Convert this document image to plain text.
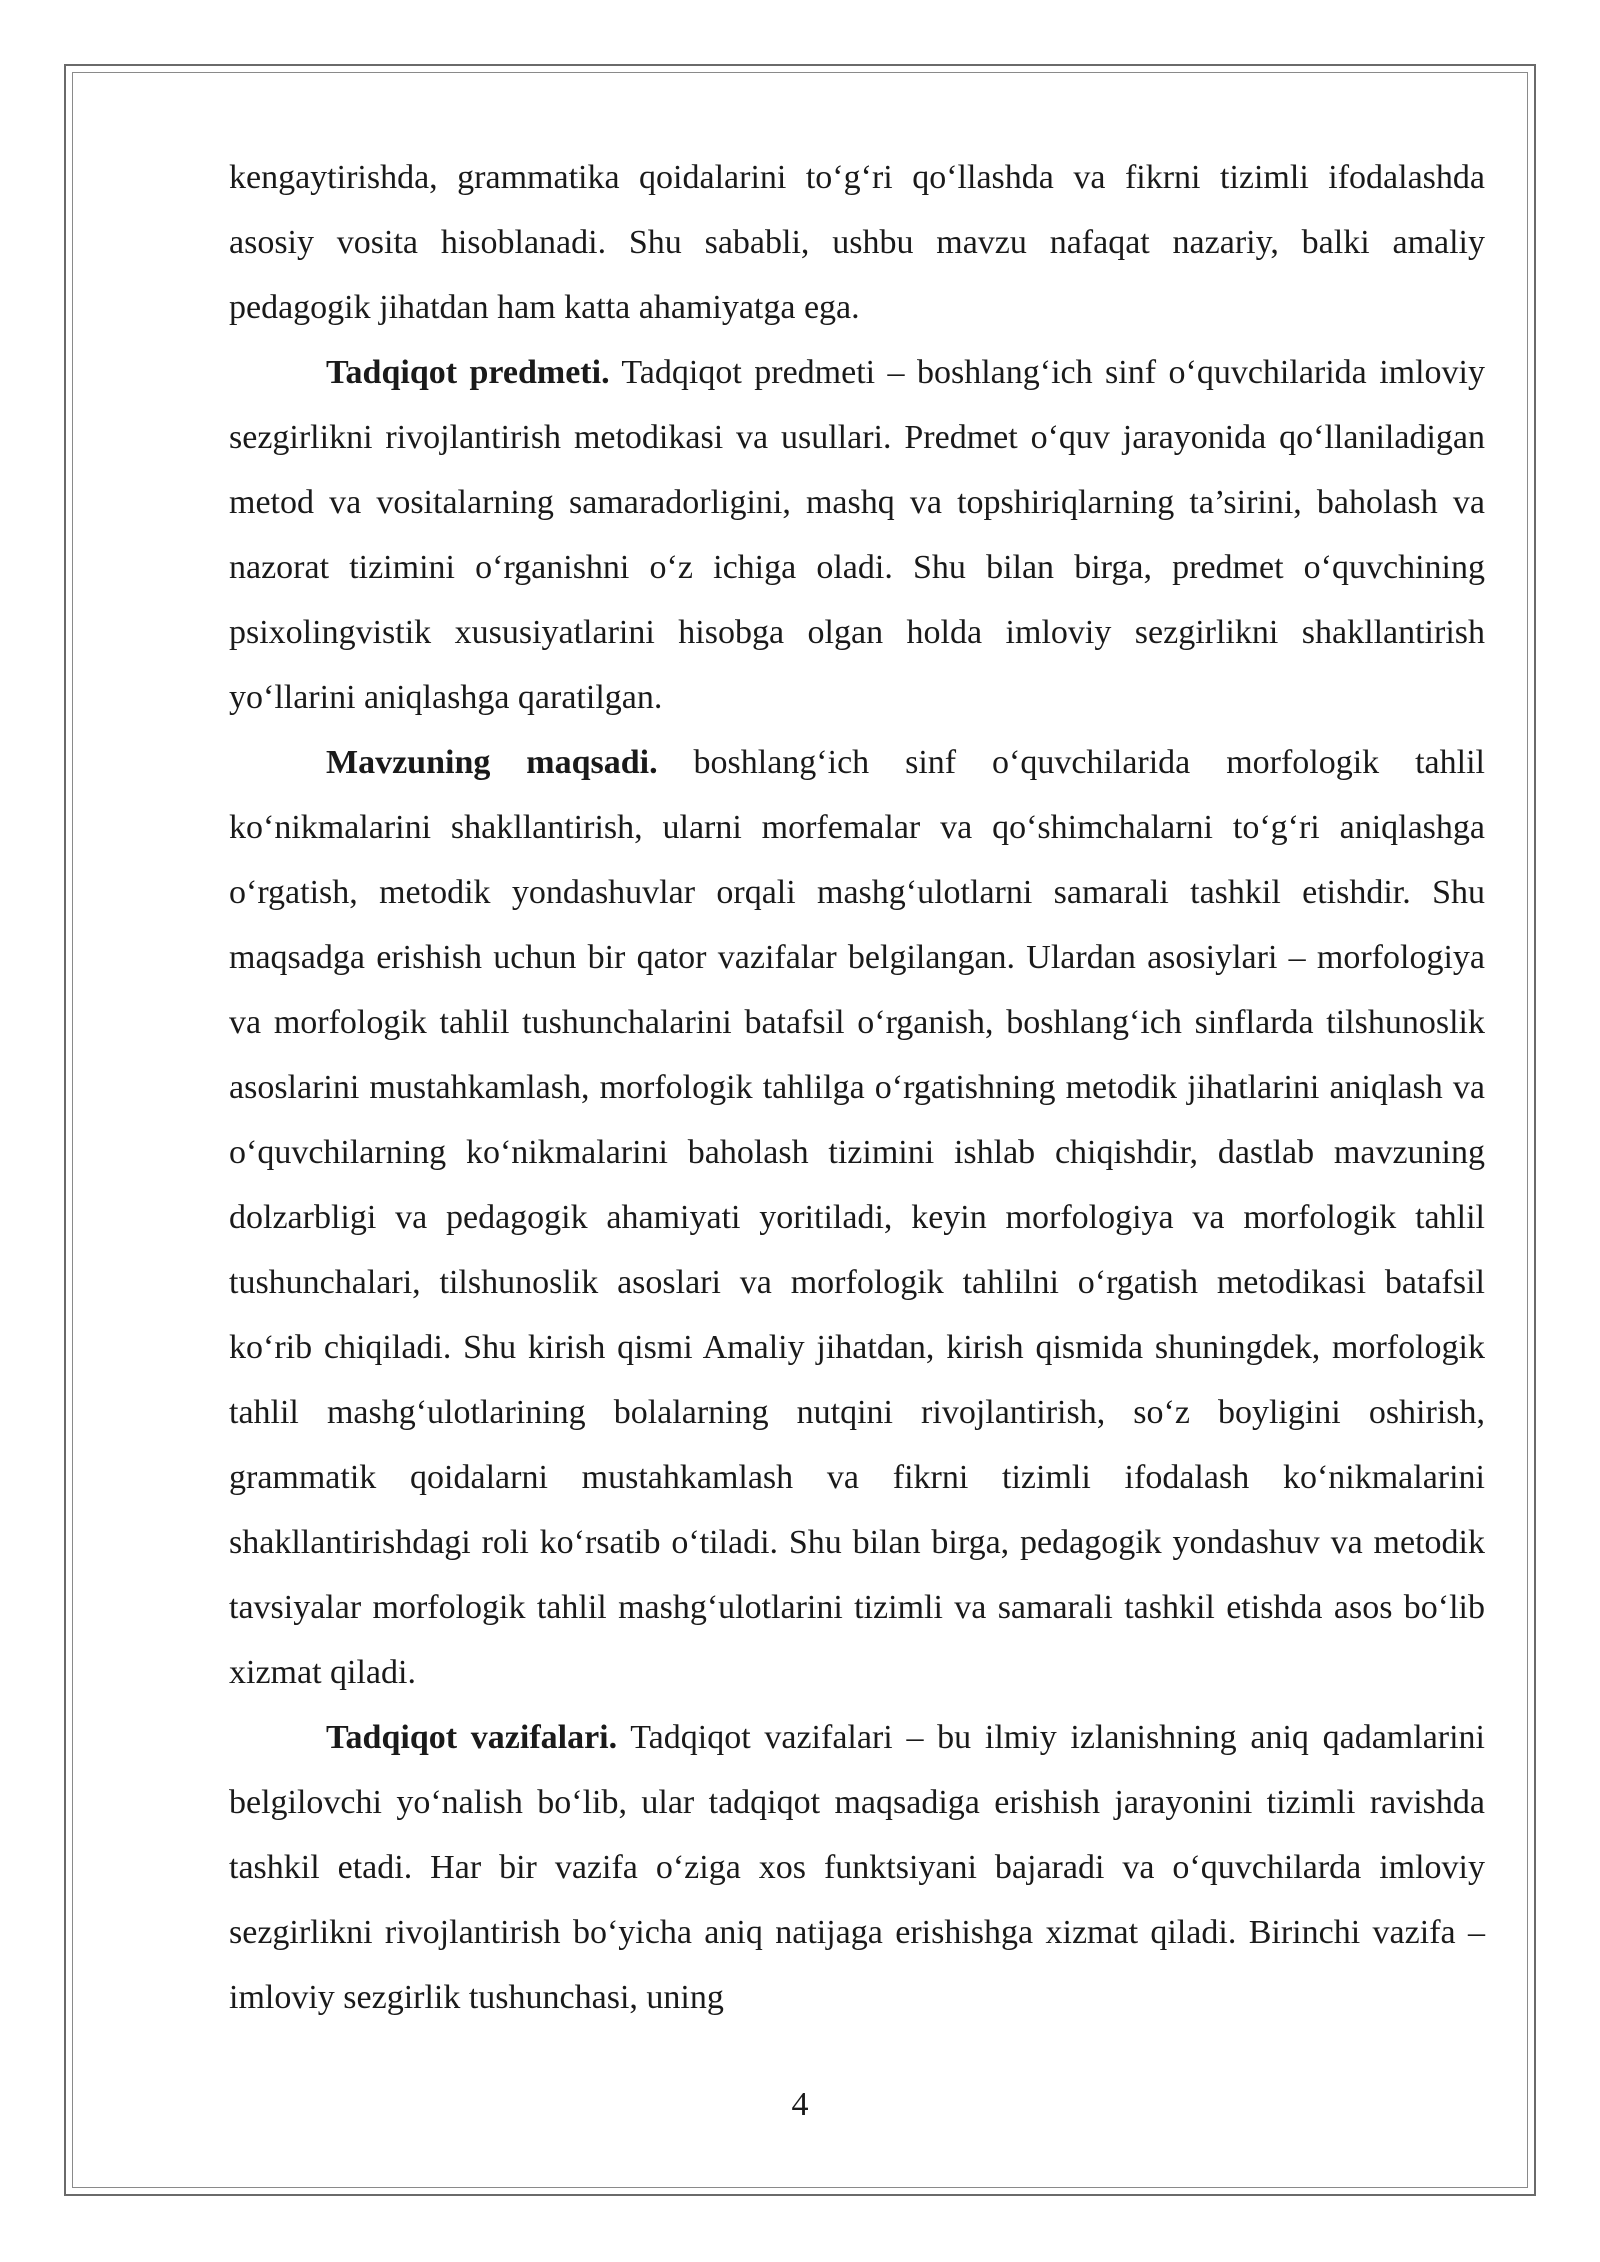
kengaytirishda, grammatika qoidalarini to‘g‘ri qo‘llashda va fikrni tizimli ifodalashda asosiy vosita hisoblanadi. Shu sababli, ushbu mavzu nafaqat nazariy, balki amaliy pedagogik jihatdan ham katta ahamiyatga ega.

Tadqiqot predmeti. Tadqiqot predmeti – boshlang‘ich sinf o‘quvchilarida imloviy sezgirlikni rivojlantirish metodikasi va usullari. Predmet o‘quv jarayonida qo‘llaniladigan metod va vositalarning samaradorligini, mashq va topshiriqlarning ta’sirini, baholash va nazorat tizimini o‘rganishni o‘z ichiga oladi. Shu bilan birga, predmet o‘quvchining psixolingvistik xususiyatlarini hisobga olgan holda imloviy sezgirlikni shakllantirish yo‘llarini aniqlashga qaratilgan.

Mavzuning maqsadi. boshlang‘ich sinf o‘quvchilarida morfologik tahlil ko‘nikmalarini shakllantirish, ularni morfemalar va qo‘shimchalarni to‘g‘ri aniqlashga o‘rgatish, metodik yondashuvlar orqali mashg‘ulotlarni samarali tashkil etishdir. Shu maqsadga erishish uchun bir qator vazifalar belgilangan. Ulardan asosiylari – morfologiya va morfologik tahlil tushunchalarini batafsil o‘rganish, boshlang‘ich sinflarda tilshunoslik asoslarini mustahkamlash, morfologik tahlilga o‘rgatishning metodik jihatlarini aniqlash va o‘quvchilarning ko‘nikmalarini baholash tizimini ishlab chiqishdir, dastlab mavzuning dolzarbligi va pedagogik ahamiyati yoritiladi, keyin morfologiya va morfologik tahlil tushunchalari, tilshunoslik asoslari va morfologik tahlilni o‘rgatish metodikasi batafsil ko‘rib chiqiladi. Shu kirish qismi Amaliy jihatdan, kirish qismida shuningdek, morfologik tahlil mashg‘ulotlarining bolalarning nutqini rivojlantirish, so‘z boyligini oshirish, grammatik qoidalarni mustahkamlash va fikrni tizimli ifodalash ko‘nikmalarini shakllantirishdagi roli ko‘rsatib o‘tiladi. Shu bilan birga, pedagogik yondashuv va metodik tavsiyalar morfologik tahlil mashg‘ulotlarini tizimli va samarali tashkil etishda asos bo‘lib xizmat qiladi.

Tadqiqot vazifalari. Tadqiqot vazifalari – bu ilmiy izlanishning aniq qadamlarini belgilovchi yo‘nalish bo‘lib, ular tadqiqot maqsadiga erishish jarayonini tizimli ravishda tashkil etadi. Har bir vazifa o‘ziga xos funktsiyani bajaradi va o‘quvchilarda imloviy sezgirlikni rivojlantirish bo‘yicha aniq natijaga erishishga xizmat qiladi. Birinchi vazifa – imloviy sezgirlik tushunchasi, uning

4
